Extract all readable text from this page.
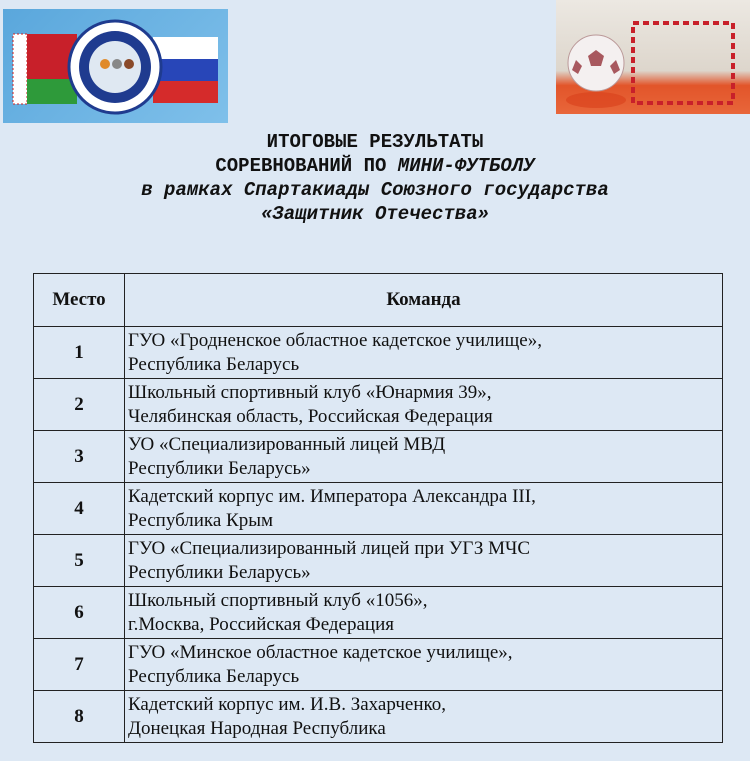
ИТОГОВЫЕ РЕЗУЛЬТАТЫ
СОРЕВНОВАНИЙ ПО МИНИ-ФУТБОЛУ
в рамках Спартакиады Союзного государства
«Защитник Отечества»
Место	Команда
1	ГУО «Гродненское областное кадетское училище»,
Республика Беларусь

2	Школьный спортивный клуб «Юнармия 39»,
Челябинская область, Российская Федерация

3	УО «Специализированный лицей МВД
Республики Беларусь»

4	Кадетский корпус им. Императора Александра III,
Республика Крым

5	ГУО «Специализированный лицей при УГЗ МЧС
Республики Беларусь»

6	Школьный спортивный клуб «1056»,
г.Москва, Российская Федерация

7	ГУО «Минское областное кадетское училище»,
Республика Беларусь

8	Кадетский корпус им. И.В. Захарченко,
Донецкая Народная Республика
